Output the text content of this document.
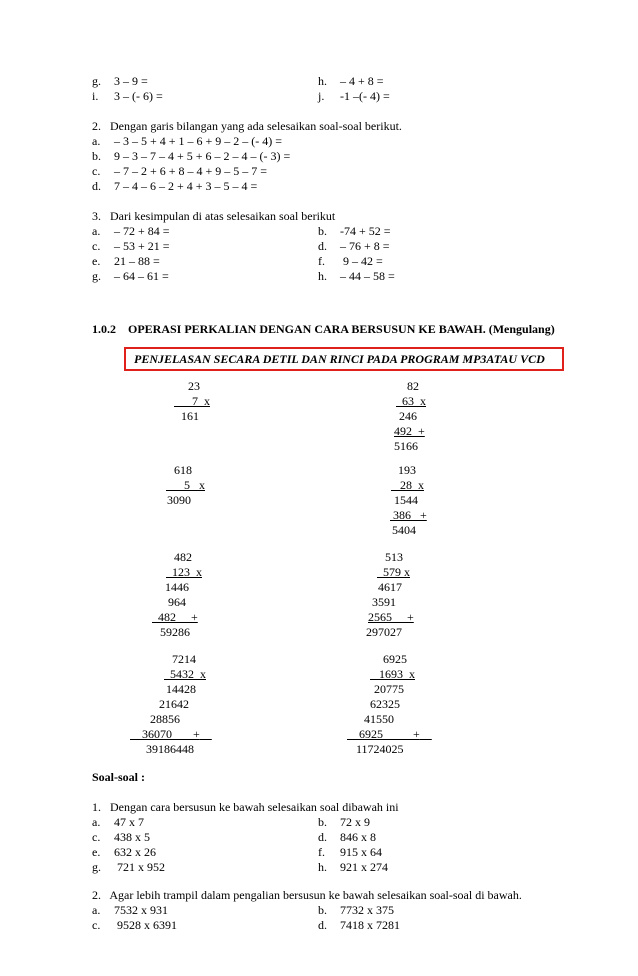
g. 3 – 9 =	h. – 4 + 8 =
i. 3 – (- 6) =	j. -1 –(- 4) =
2.   Dengan garis bilangan yang ada selesaikan soal-soal berikut.
a. – 3 – 5 + 4 + 1 – 6 + 9 – 2 – (- 4) =
b. 9 – 3 – 7 – 4 + 5 + 6 – 2 – 4 – (- 3) =
c. – 7 – 2 + 6 + 8 – 4 + 9 – 5 – 7 =
d. 7 – 4 – 6 – 2 + 4 + 3 – 5 – 4 =
3.   Dari kesimpulan di atas selesaikan soal berikut
a. – 72 + 84 =	b. -74 + 52 =
c. – 53 + 21 =	d. – 76 + 8 =
e. 21 – 88 =	f. 9 – 42 =
g. – 64 – 61 =	h. – 44 – 58 =
1.0.2    OPERASI PERKALIAN DENGAN CARA BERSUSUN KE BAWAH. (Mengulang)
PENJELASAN SECARA DETIL DAN RINCI PADA PROGRAM MP3ATAU VCD
23
7  x
161
618
5   x
3090
482
123  x
1446
964
482     +
59286
7214
5432  x
14428
21642
28856
36070       +
39186448
82
63  x
246
492  +
5166
193
28  x
1544
386   +
5404
513
579 x
4617
3591
2565     +
297027
6925
1693  x
20775
62325
41550
6925          +
11724025
Soal-soal :
1.   Dengan cara bersusun ke bawah selesaikan soal dibawah ini
a. 47 x 7	b. 72 x 9
c. 438 x 5	d. 846 x 8
e. 632 x 26	f. 915 x 64
g. 721 x 952	h. 921 x 274
2.   Agar lebih trampil dalam pengalian bersusun ke bawah selesaikan soal-soal di bawah.
a. 7532 x 931	b. 7732 x 375
c. 9528 x 6391	d. 7418 x 7281
